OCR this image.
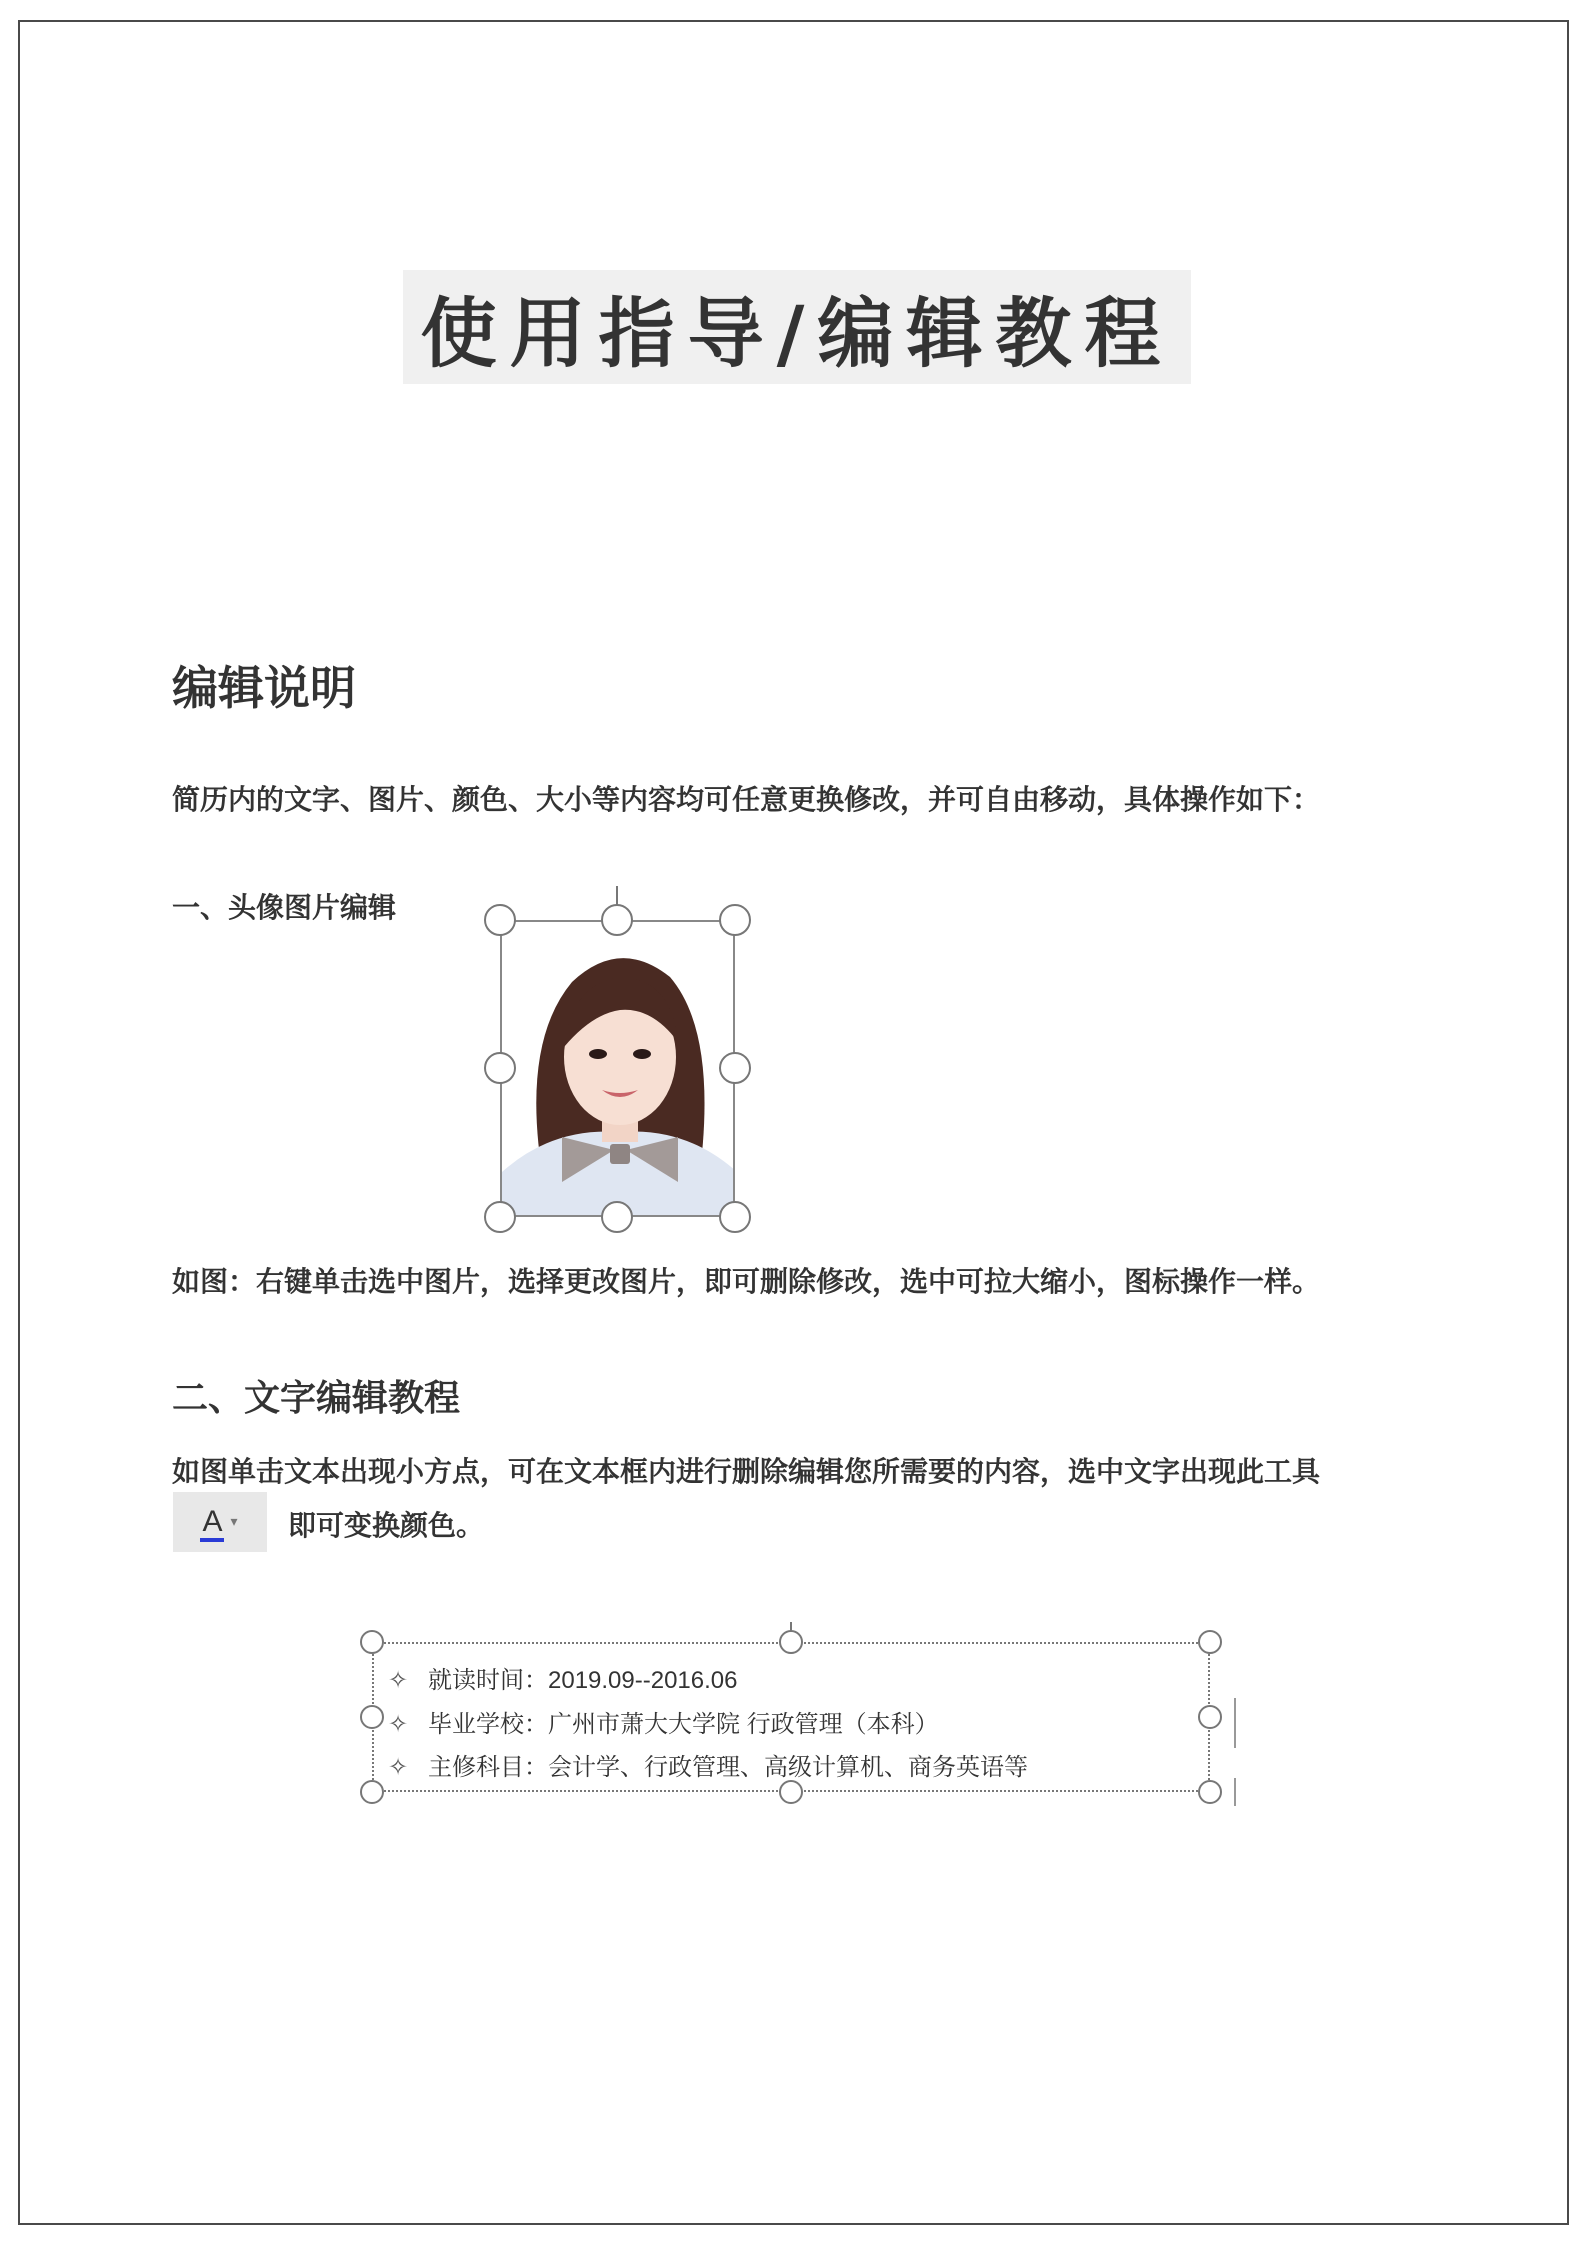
使用指导/编辑教程
编辑说明
简历内的文字、图片、颜色、大小等内容均可任意更换修改，并可自由移动，具体操作如下：
一、头像图片编辑
如图：右键单击选中图片，选择更改图片，即可删除修改，选中可拉大缩小，图标操作一样。
二、文字编辑教程
如图单击文本出现小方点，可在文本框内进行删除编辑您所需要的内容，选中文字出现此工具
A ▾ 即可变换颜色。
✧ 就读时间：2019.09--2016.06
✧ 毕业学校：广州市萧大大学院 行政管理（本科）
✧ 主修科目：会计学、行政管理、高级计算机、商务英语等
